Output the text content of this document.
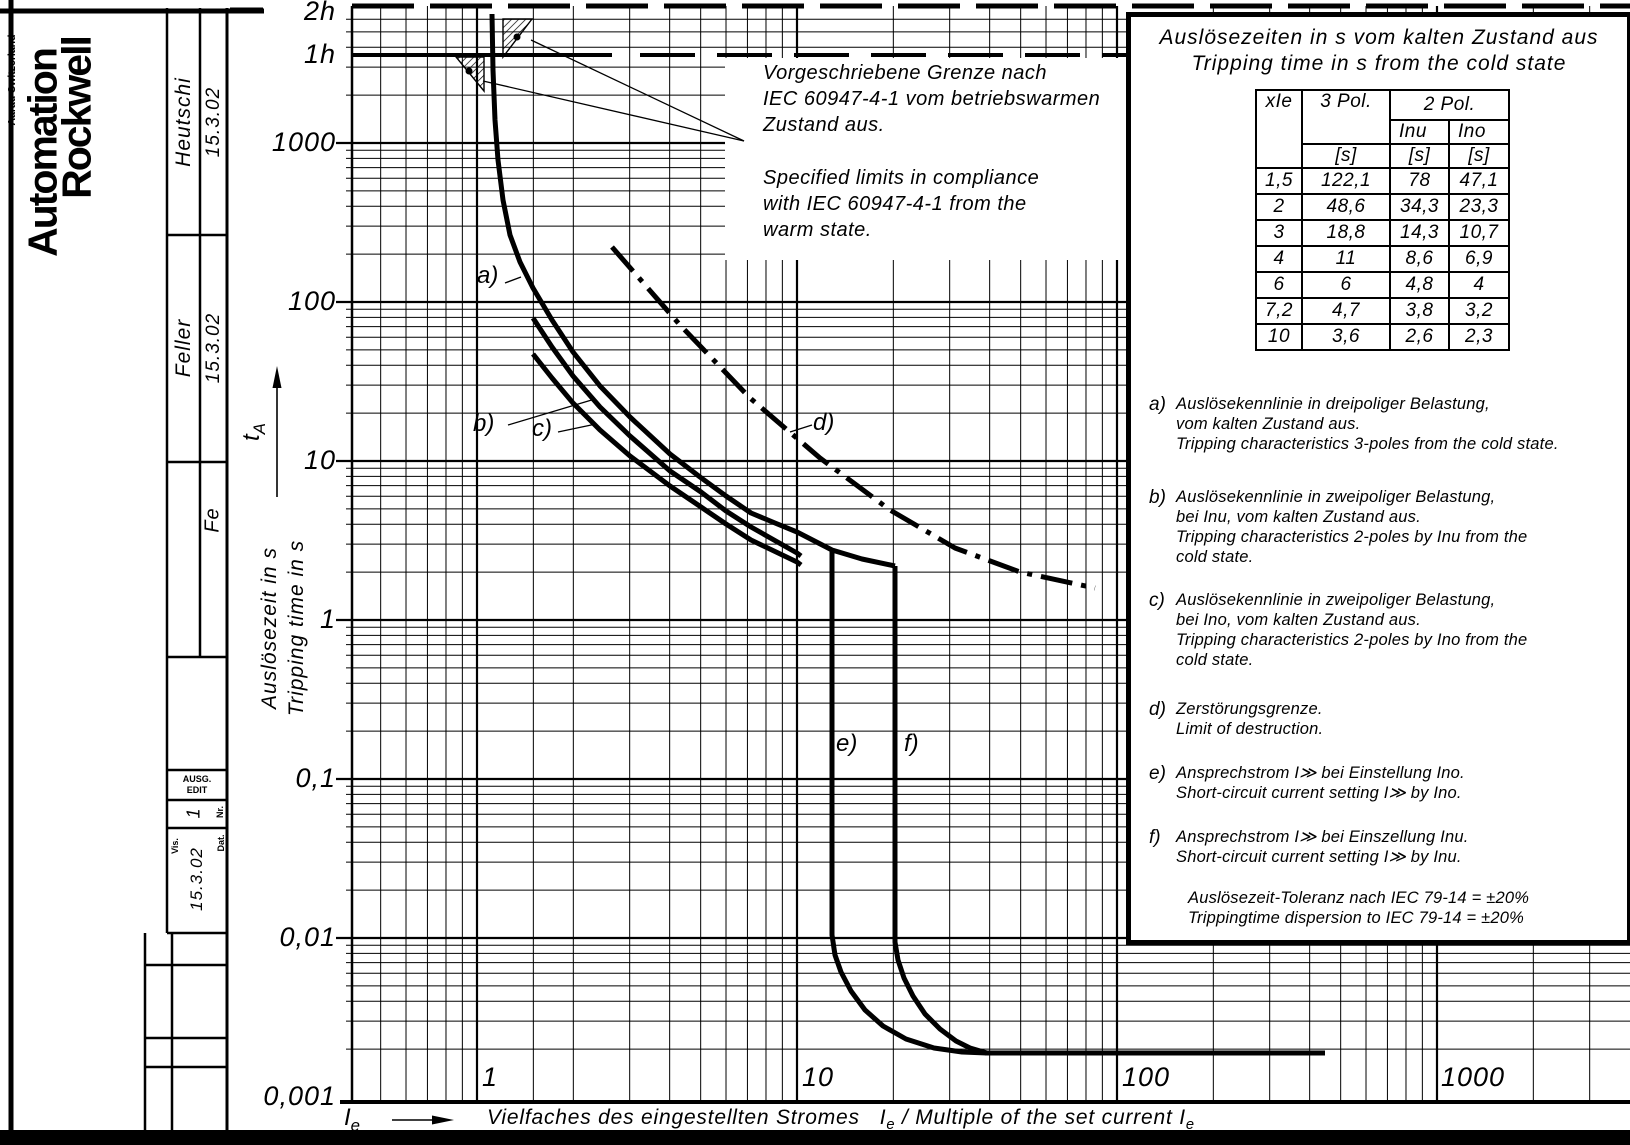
Rockwell
Automation
Aarau Switzerland	Heutschi 15.3.02
Feller 15.3.02
Fe
AUSG.
EDIT
Nr.
1
Dat.
15.3.02
Vis.
Auslösezeit in s Tripping time in s
$t_A$
Vorgeschriebene Grenze nach
IEC 60947-4-1 vom betriebswarmen
Zustand aus.
Specified limits in compliance
with IEC 60947-4-1 from the
warm state.
$I_e$	Vielfaches des eingestellten Stromes $I_e$ / Multiple of the set current $I_e$
Auslösezeiten in s vom kalten Zustand aus
Tripping time in s from the cold state
xIe	3 Pol.	2 Pol.	
		Inu	Ino
	[s]	[s]	[s]
1,5	122,1	78	47,1
2	48,6	34,3	23,3
3	18,8	14,3	10,7
4	11	8,6	6,9
6	6	4,8	4
7,2	4,7	3,8	3,2
10	3,6	2,6	2,3
a) Auslösekennlinie in dreipoliger Belastung,
vom kalten Zustand aus.
Tripping characteristics 3-poles from the cold state.
b) Auslösekennlinie in zweipoliger Belastung,
bei Inu, vom kalten Zustand aus.
Tripping characteristics 2-poles by Inu from the
cold state.
c) Auslösekennlinie in zweipoliger Belastung,
bei Ino, vom kalten Zustand aus.
Tripping characteristics 2-poles by Ino from the
cold state.
d) Zerstörungsgrenze.
Limit of destruction.
e) Ansprechstrom I≫ bei Einstellung Ino.
Short-circuit current setting I≫ by Ino.
f) Ansprechstrom I≫ bei Einszellung Inu.
Short-circuit current setting I≫ by Inu.
Auslösezeit-Toleranz nach IEC 79-14 = ±20%
Trippingtime dispersion to IEC 79-14 = ±20%
2h
1h
1000
100
10
1
0,1
0,01
0,001
1	10	100	1000
a)
b) c)	d)
e) f)
